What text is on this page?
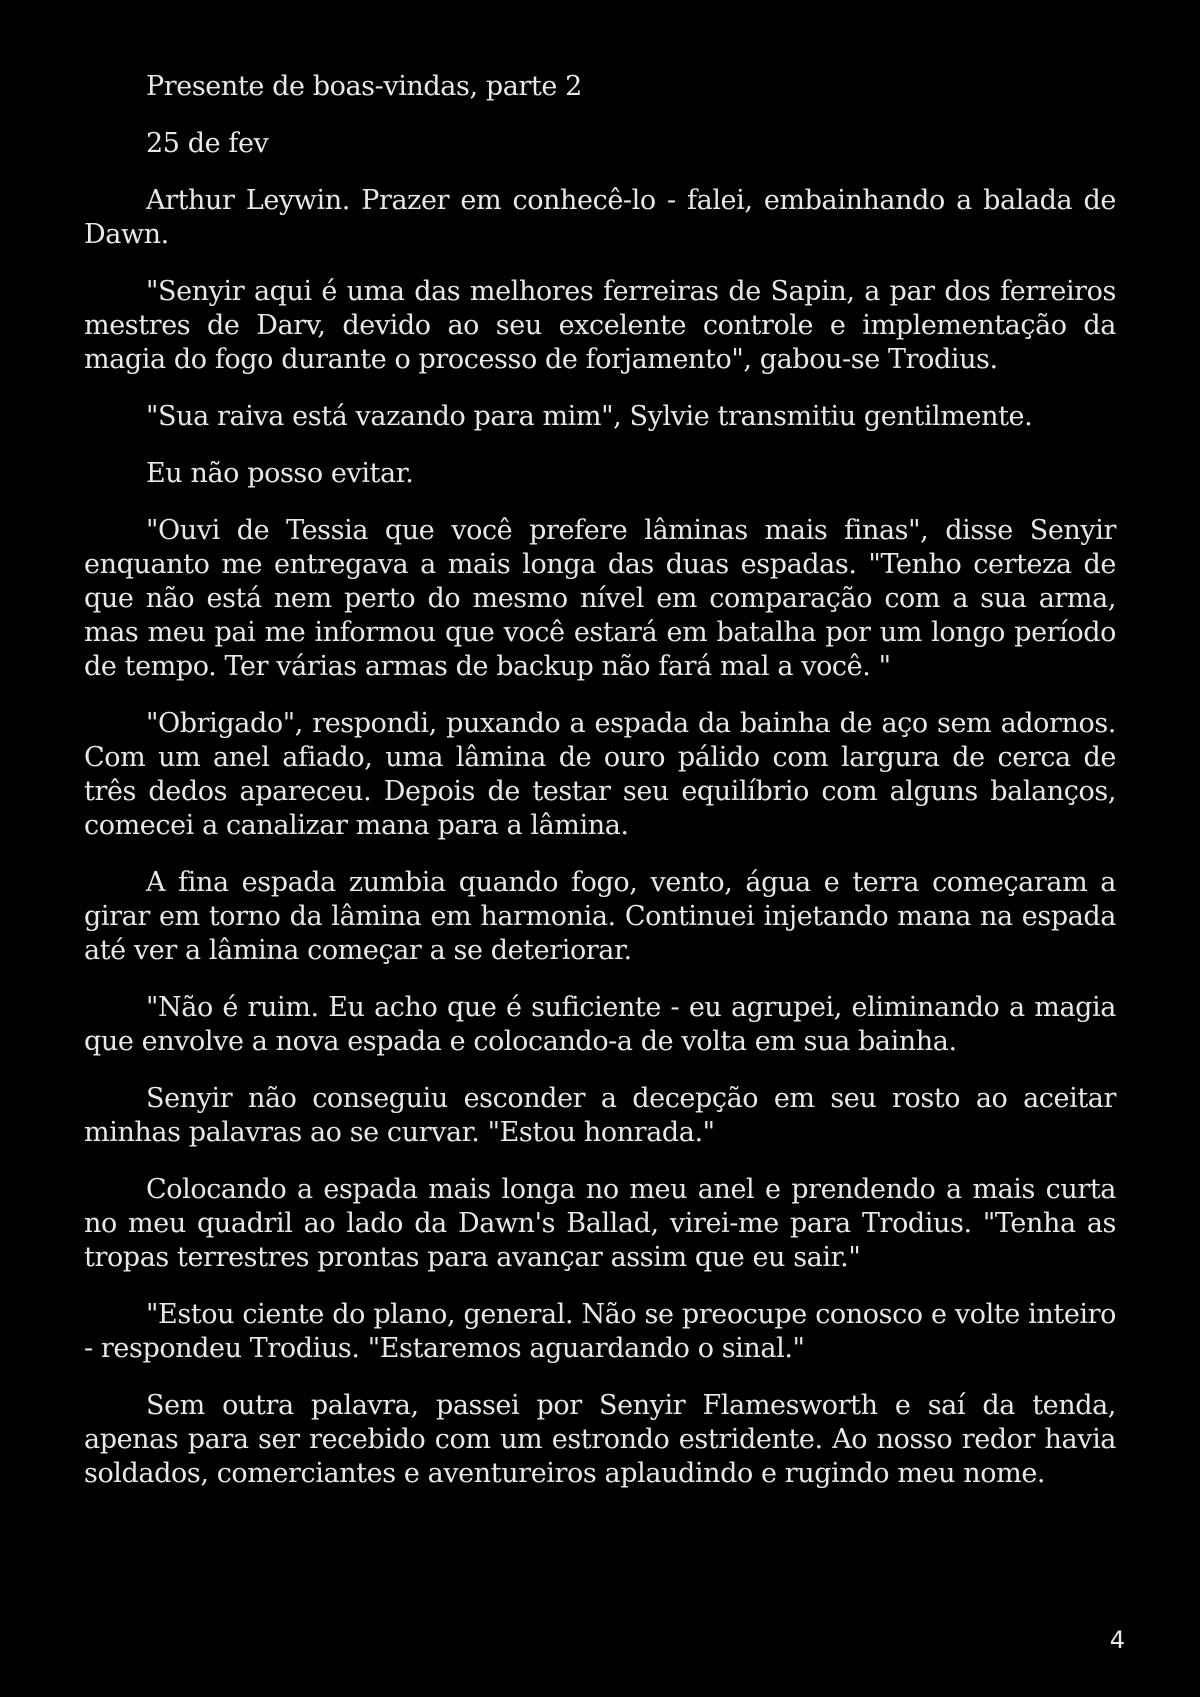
Presente de boas-vindas, parte 2

25 de fev

Arthur Leywin. Prazer em conhecê-lo - falei, embainhando a balada de Dawn.

"Senyir aqui é uma das melhores ferreiras de Sapin, a par dos ferreiros mestres de Darv, devido ao seu excelente controle e implementação da magia do fogo durante o processo de forjamento", gabou-se Trodius.

"Sua raiva está vazando para mim", Sylvie transmitiu gentilmente.

Eu não posso evitar.

"Ouvi de Tessia que você prefere lâminas mais finas", disse Senyir enquanto me entregava a mais longa das duas espadas. "Tenho certeza de que não está nem perto do mesmo nível em comparação com a sua arma, mas meu pai me informou que você estará em batalha por um longo período de tempo. Ter várias armas de backup não fará mal a você. "

"Obrigado", respondi, puxando a espada da bainha de aço sem adornos. Com um anel afiado, uma lâmina de ouro pálido com largura de cerca de três dedos apareceu. Depois de testar seu equilíbrio com alguns balanços, comecei a canalizar mana para a lâmina.

A fina espada zumbia quando fogo, vento, água e terra começaram a girar em torno da lâmina em harmonia. Continuei injetando mana na espada até ver a lâmina começar a se deteriorar.

"Não é ruim. Eu acho que é suficiente - eu agrupei, eliminando a magia que envolve a nova espada e colocando-a de volta em sua bainha.

Senyir não conseguiu esconder a decepção em seu rosto ao aceitar minhas palavras ao se curvar. "Estou honrada."

Colocando a espada mais longa no meu anel e prendendo a mais curta no meu quadril ao lado da Dawn's Ballad, virei-me para Trodius. "Tenha as tropas terrestres prontas para avançar assim que eu sair."

"Estou ciente do plano, general. Não se preocupe conosco e volte inteiro - respondeu Trodius. "Estaremos aguardando o sinal."

Sem outra palavra, passei por Senyir Flamesworth e saí da tenda, apenas para ser recebido com um estrondo estridente. Ao nosso redor havia soldados, comerciantes e aventureiros aplaudindo e rugindo meu nome.

4
